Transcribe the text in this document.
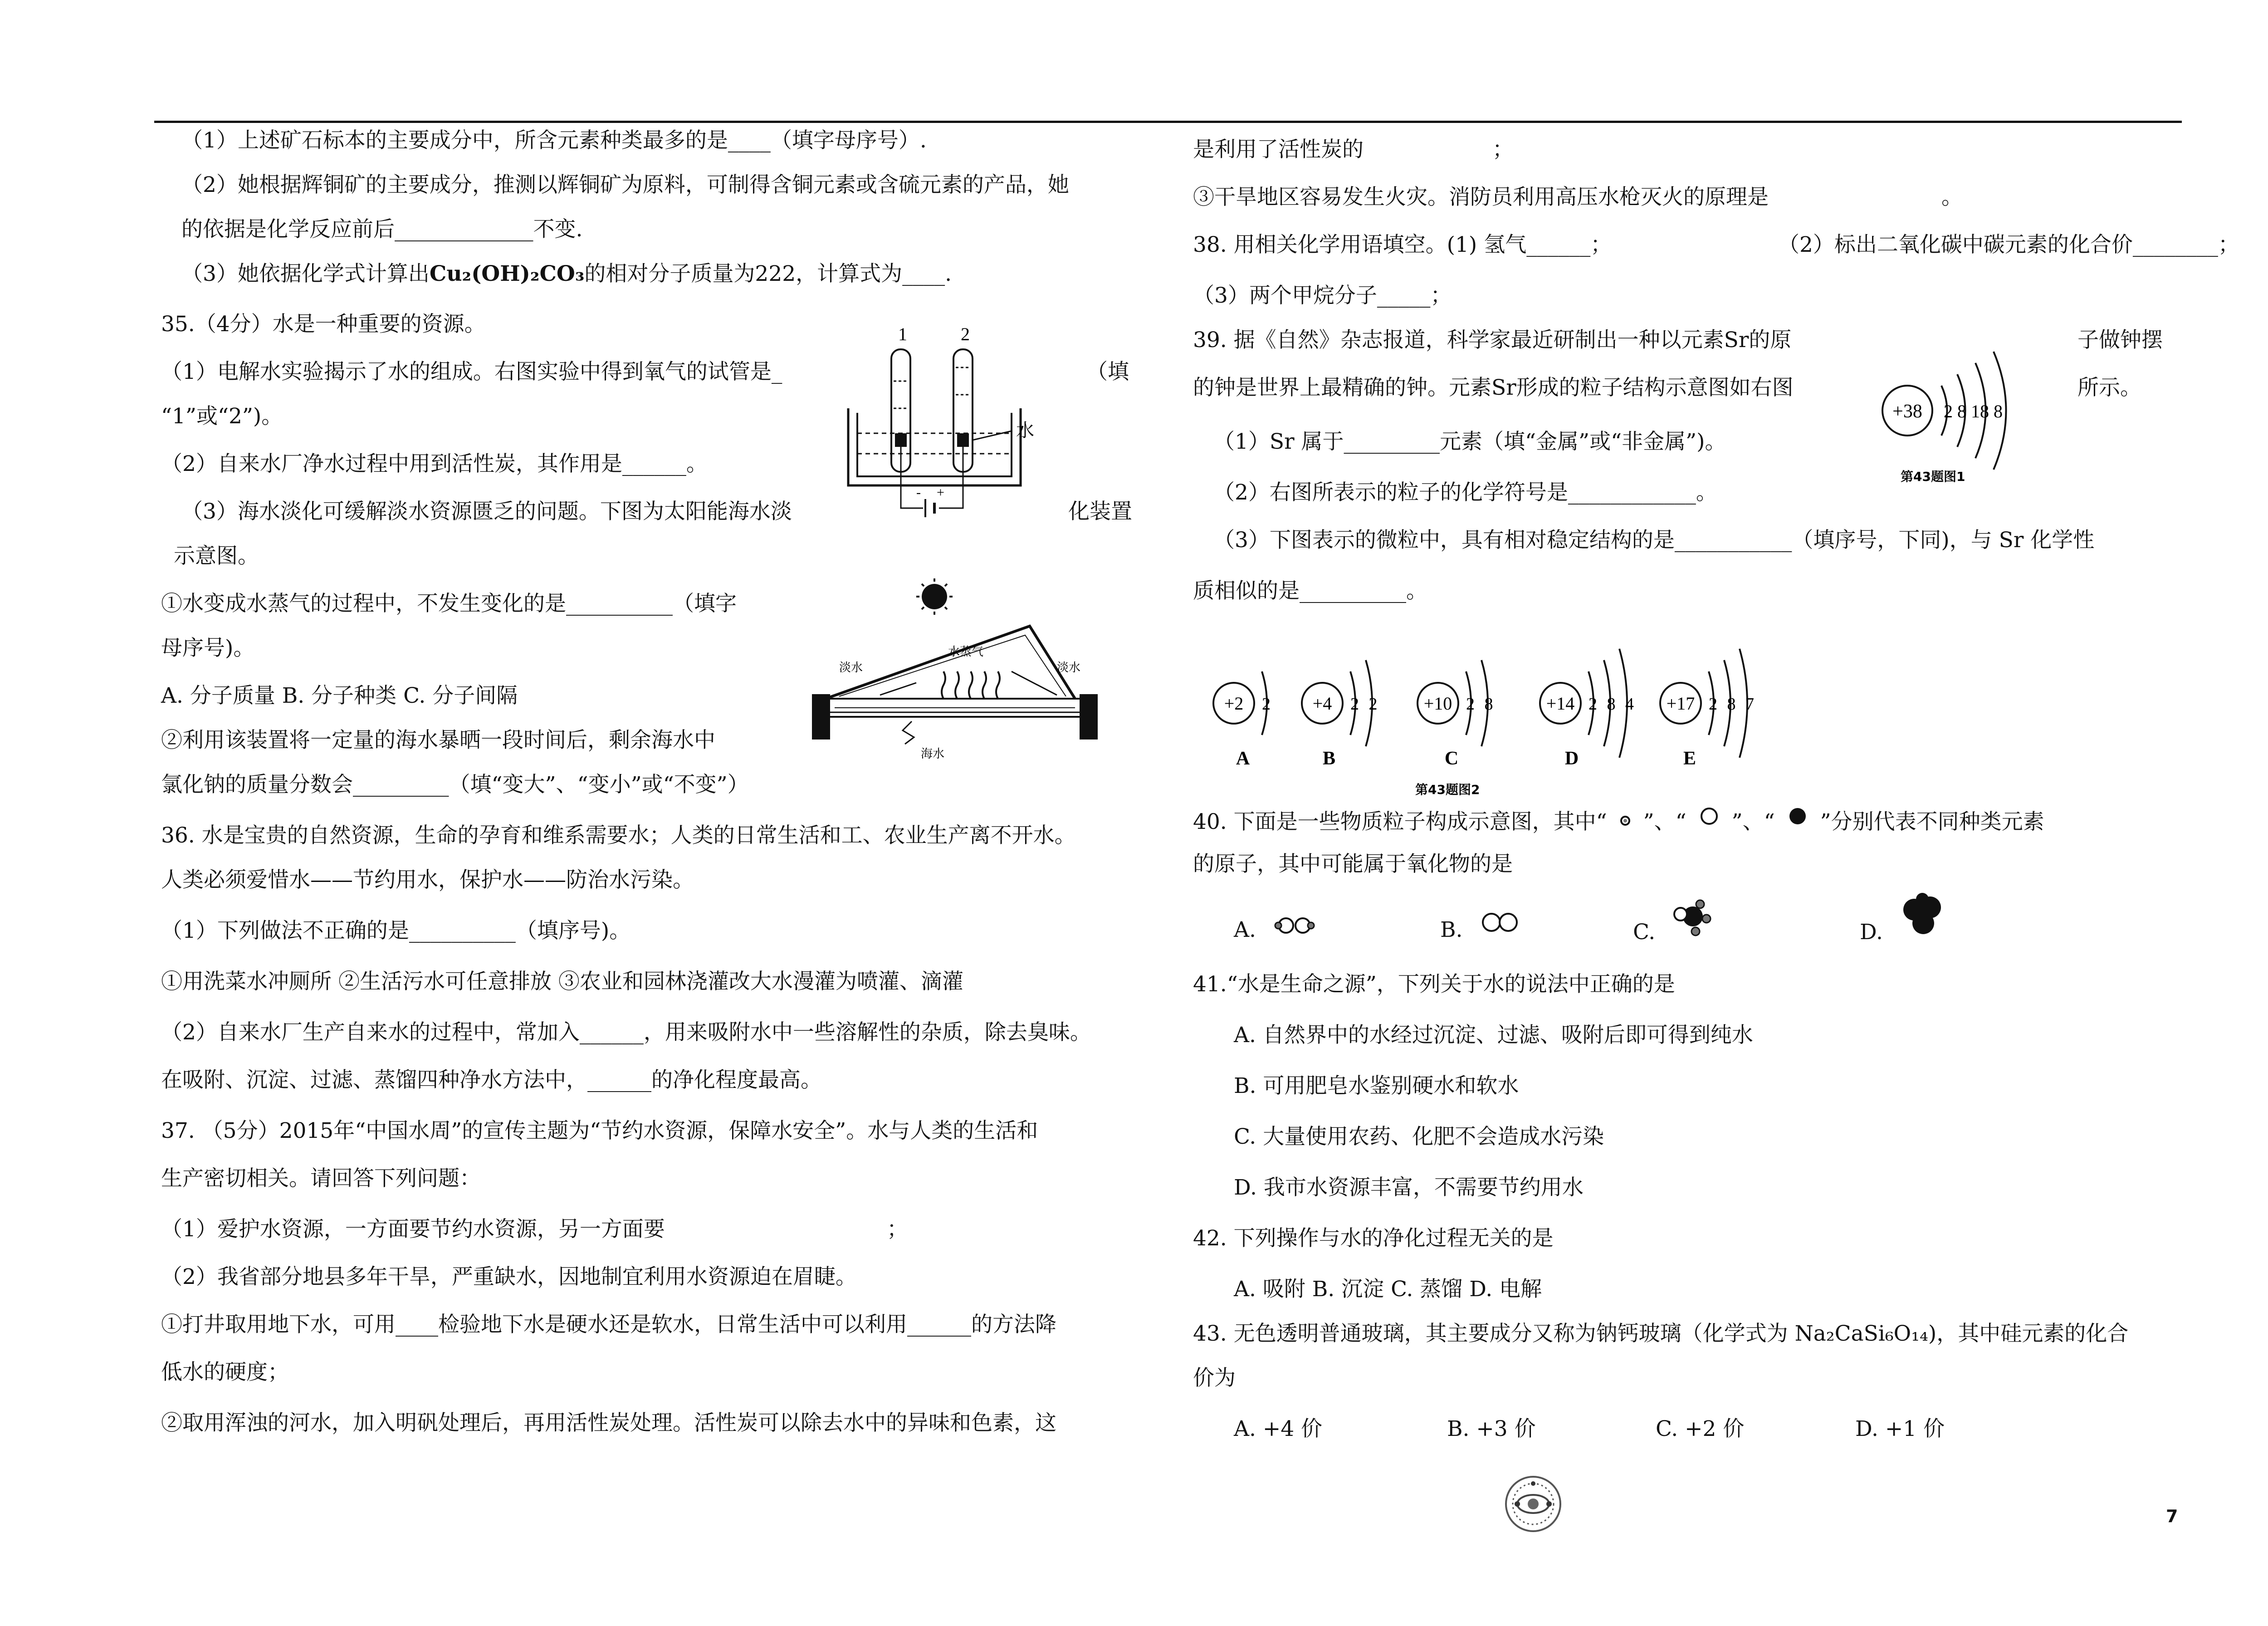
（1）上述矿石标本的主要成分中，所含元素种类最多的是____（填字母序号）.
（2）她根据辉铜矿的主要成分，推测以辉铜矿为原料，可制得含铜元素或含硫元素的产品，她
的依据是化学反应前后_____________不变.
（3）她依据化学式计算出Cu₂(OH)₂CO₃的相对分子质量为222，计算式为____.
35.（4分）水是一种重要的资源。
（1）电解水实验揭示了水的组成。右图实验中得到氧气的试管是_	（填
“1”或“2”)。
（2）自来水厂净水过程中用到活性炭，其作用是______。
（3）海水淡化可缓解淡水资源匮乏的问题。下图为太阳能海水淡	化装置
示意图。
①水变成水蒸气的过程中，不发生变化的是__________（填字
母序号)。
A. 分子质量 B. 分子种类 C. 分子间隔
②利用该装置将一定量的海水暴晒一段时间后，剩余海水中
氯化钠的质量分数会_________（填“变大”、“变小”或“不变”）
36. 水是宝贵的自然资源，生命的孕育和维系需要水；人类的日常生活和工、农业生产离不开水。
人类必须爱惜水——节约用水，保护水——防治水污染。
（1）下列做法不正确的是__________（填序号)。
①用洗菜水冲厕所 ②生活污水可任意排放 ③农业和园林浇灌改大水漫灌为喷灌、滴灌
（2）自来水厂生产自来水的过程中，常加入______，用来吸附水中一些溶解性的杂质，除去臭味。
在吸附、沉淀、过滤、蒸馏四种净水方法中，______的净化程度最高。
37. （5分）2015年“中国水周”的宣传主题为“节约水资源，保障水安全”。水与人类的生活和
生产密切相关。请回答下列问题：
（1）爱护水资源，一方面要节约水资源，另一方面要	；
（2）我省部分地县多年干旱，严重缺水，因地制宜利用水资源迫在眉睫。
①打井取用地下水，可用____检验地下水是硬水还是软水，日常生活中可以利用______的方法降
低水的硬度；
②取用浑浊的河水，加入明矾处理后，再用活性炭处理。活性炭可以除去水中的异味和色素，这
1	2
水
- +
淡水
水蒸气
淡水
海水
是利用了活性炭的	；
③干旱地区容易发生火灾。消防员利用高压水枪灭火的原理是	。
38. 用相关化学用语填空。(1) 氢气______；	（2）标出二氧化碳中碳元素的化合价________；
（3）两个甲烷分子_____；
39. 据《自然》杂志报道，科学家最近研制出一种以元素Sr的原	子做钟摆
的钟是世界上最精确的钟。元素Sr形成的粒子结构示意图如右图	所示。
（1）Sr 属于_________元素（填“金属”或“非金属”)。
（2）右图所表示的粒子的化学符号是____________。
（3）下图表示的微粒中，具有相对稳定结构的是___________（填序号，下同)，与 Sr 化学性
质相似的是__________。
40. 下面是一些物质粒子构成示意图，其中“ ”、“ ”、“ ”分别代表不同种类元素
的原子，其中可能属于氧化物的是
A.	B.	C.	D.
41.“水是生命之源”，下列关于水的说法中正确的是
A. 自然界中的水经过沉淀、过滤、吸附后即可得到纯水
B. 可用肥皂水鉴别硬水和软水
C. 大量使用农药、化肥不会造成水污染
D. 我市水资源丰富，不需要节约用水
42. 下列操作与水的净化过程无关的是
A. 吸附 B. 沉淀 C. 蒸馏 D. 电解
43. 无色透明普通玻璃，其主要成分又称为钠钙玻璃（化学式为 Na₂CaSi₆O₁₄)，其中硅元素的化合
价为
A. +4 价	B. +3 价	C. +2 价	D. +1 价
+38 2 8 18 8
第43题图1
+2 2
A
+4 2 2
B
+10 2 8
C
+14 2 8 4
D
+17 2 8 7
E
第43题图2
7
